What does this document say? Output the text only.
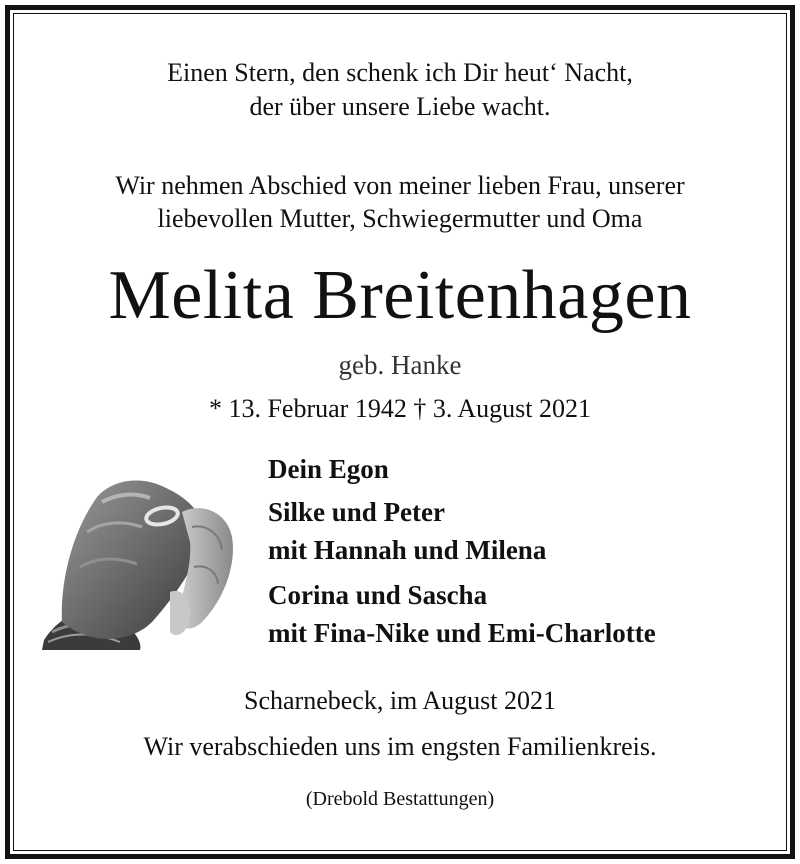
Einen Stern, den schenk ich Dir heut‘ Nacht,
der über unsere Liebe wacht.
Wir nehmen Abschied von meiner lieben Frau, unserer
liebevollen Mutter, Schwiegermutter und Oma
Melita Breitenhagen
geb. Hanke
* 13. Februar 1942 † 3. August 2021
Dein Egon
Silke und Peter
mit Hannah und Milena
Corina und Sascha
mit Fina-Nike und Emi-Charlotte
Scharnebeck, im August 2021
Wir verabschieden uns im engsten Familienkreis.
(Drebold Bestattungen)
